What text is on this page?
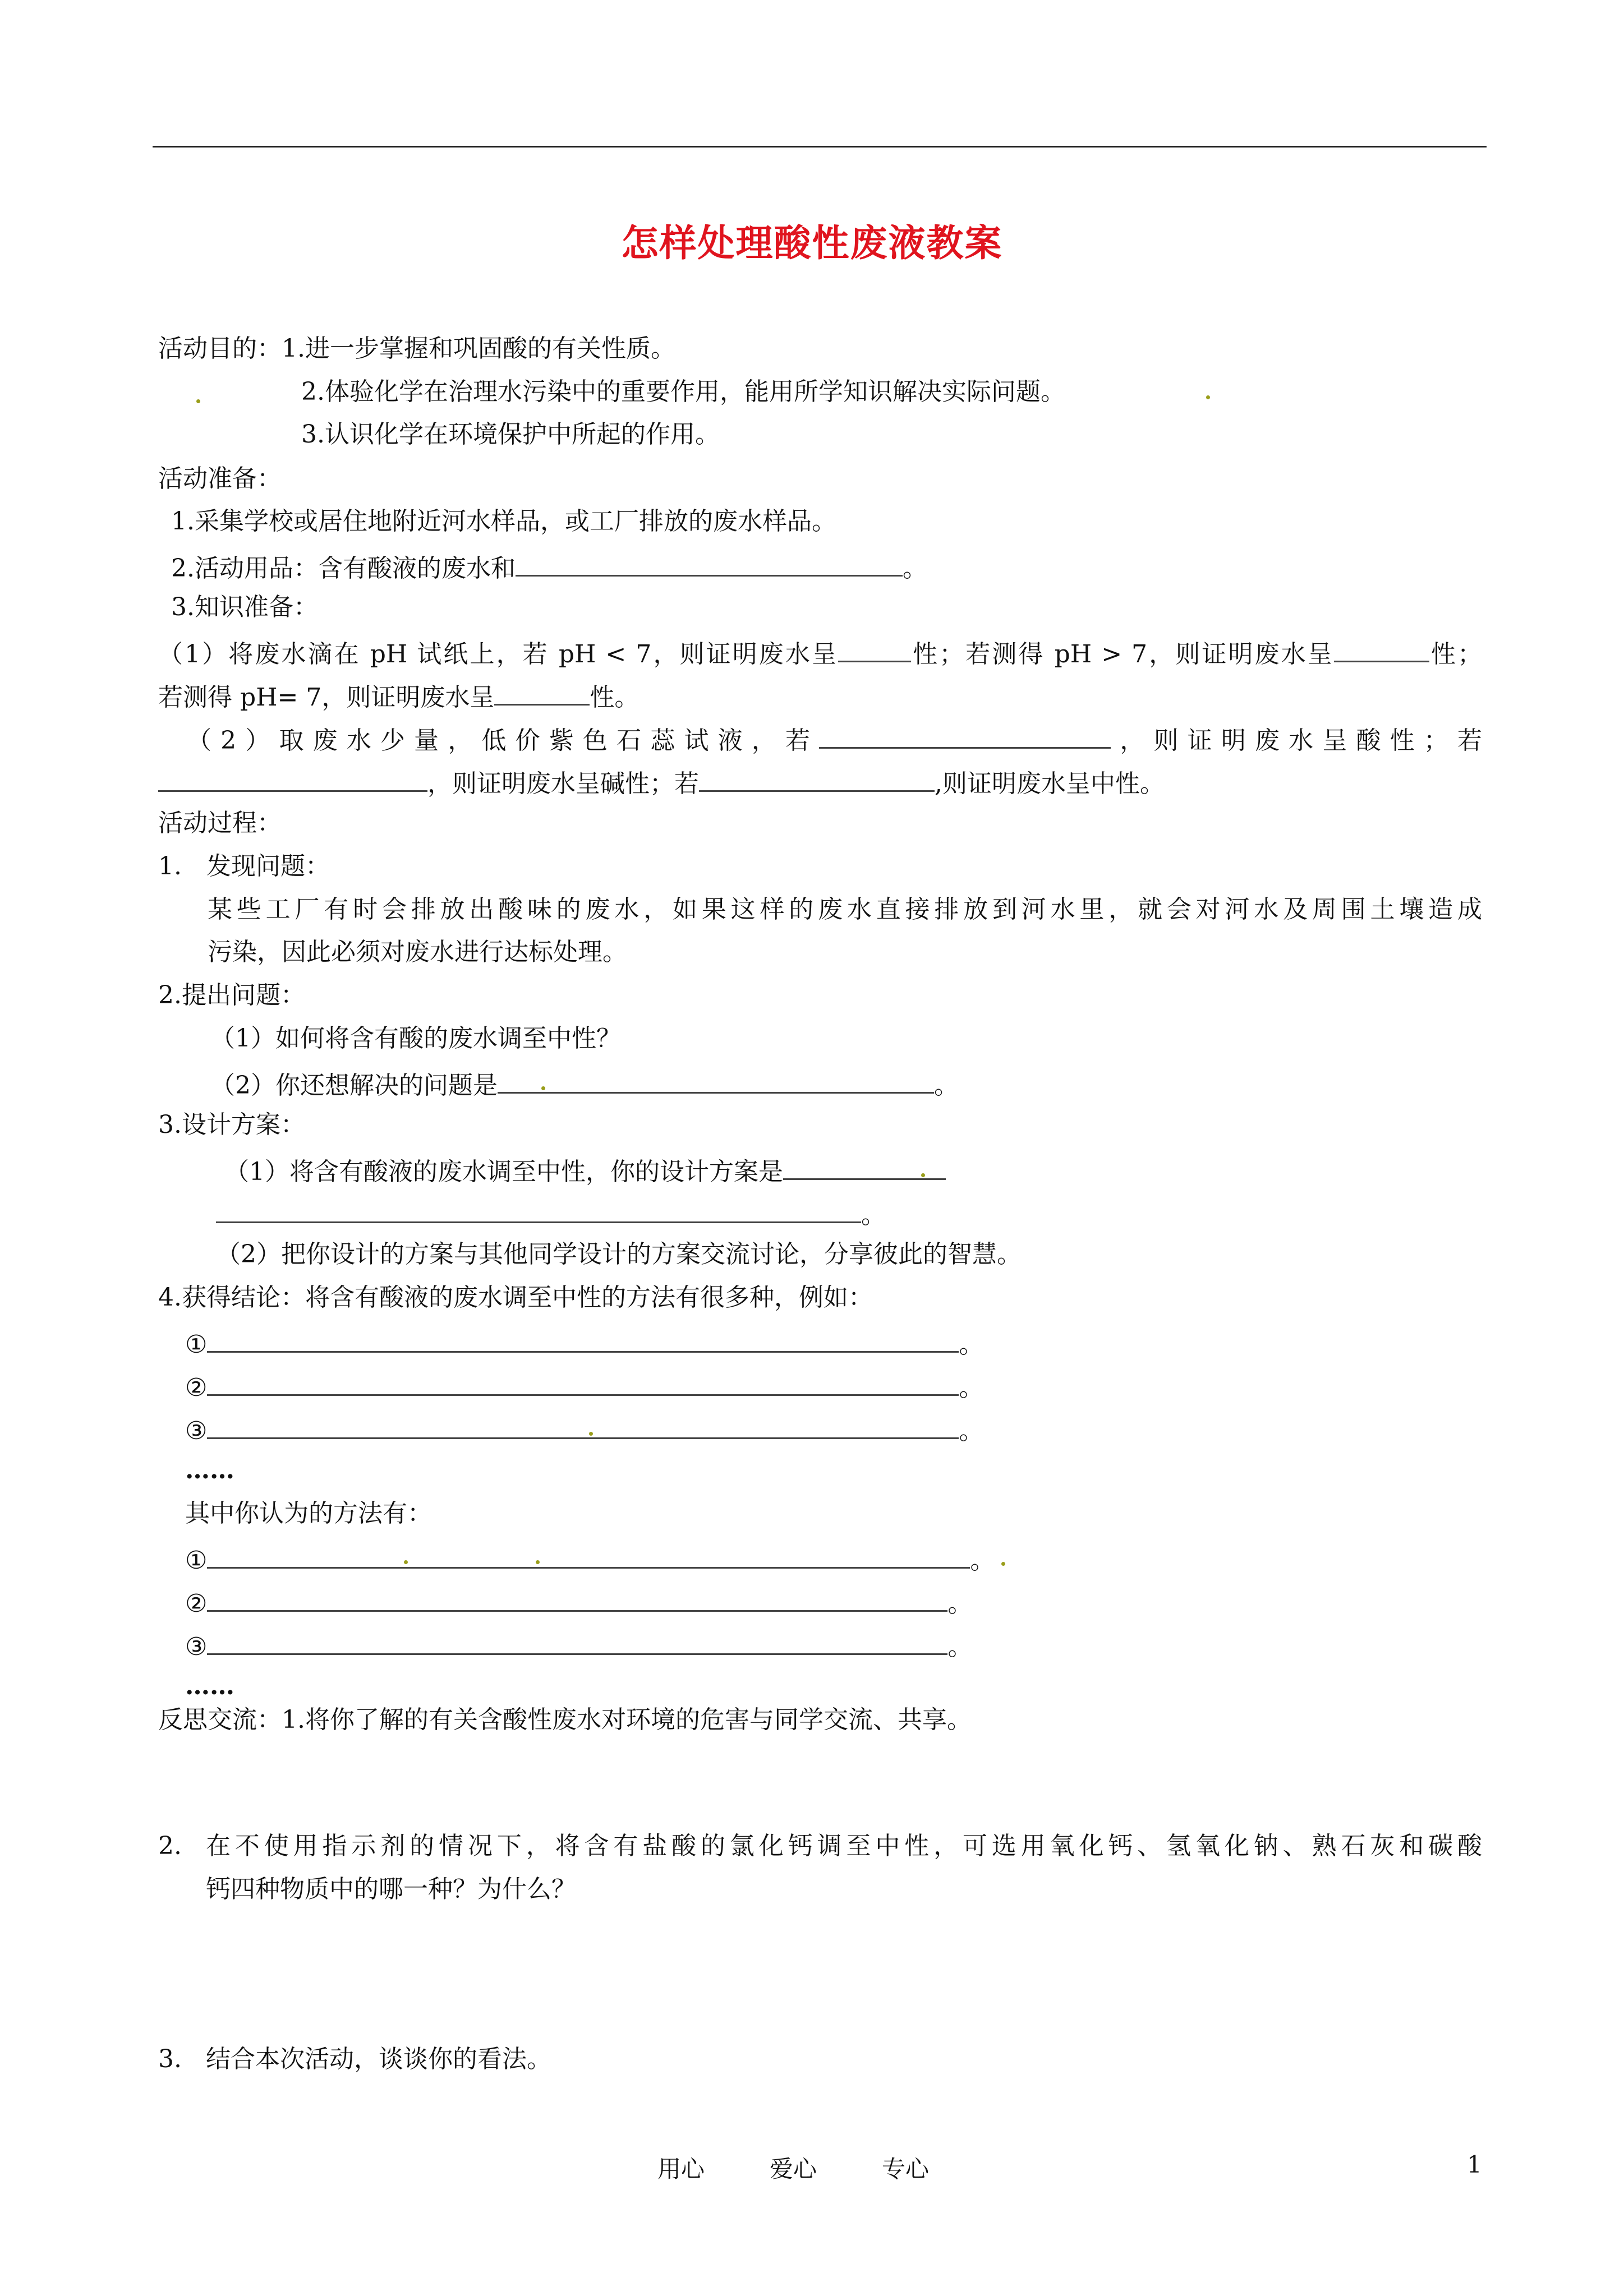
怎样处理酸性废液教案
活动目的：1.进一步掌握和巩固酸的有关性质。
2.体验化学在治理水污染中的重要作用，能用所学知识解决实际问题。
3.认识化学在环境保护中所起的作用。
活动准备：
1.采集学校或居住地附近河水样品，或工厂排放的废水样品。
2.活动用品：含有酸液的废水和	。
3.知识准备：
（1）将废水滴在 pH 试纸上，若 pH < 7，则证明废水呈	性；若测得 pH > 7，则证明废水呈	性；
若测得 pH= 7，则证明废水呈	性。
（2）取废水少量，低价紫色石蕊试液，若	，则证明废水呈酸性；若
，则证明废水呈碱性；若	,则证明废水呈中性。
活动过程：
1.　发现问题：
某些工厂有时会排放出酸味的废水，如果这样的废水直接排放到河水里，就会对河水及周围土壤造成
污染，因此必须对废水进行达标处理。
2.提出问题：
（1）如何将含有酸的废水调至中性？
（2）你还想解决的问题是	。
3.设计方案：
（1）将含有酸液的废水调至中性，你的设计方案是
。
（2）把你设计的方案与其他同学设计的方案交流讨论，分享彼此的智慧。
4.获得结论：将含有酸液的废水调至中性的方法有很多种，例如：
①	。
②	。
③	。
……
其中你认为的方法有：
①	。
②	。
③	。
……
反思交流：1.将你了解的有关含酸性废水对环境的危害与同学交流、共享。
2. 在不使用指示剂的情况下，将含有盐酸的氯化钙调至中性，可选用氧化钙、氢氧化钠、熟石灰和碳酸
钙四种物质中的哪一种？为什么？
3. 结合本次活动，谈谈你的看法。
用心	爱心	专心	1
